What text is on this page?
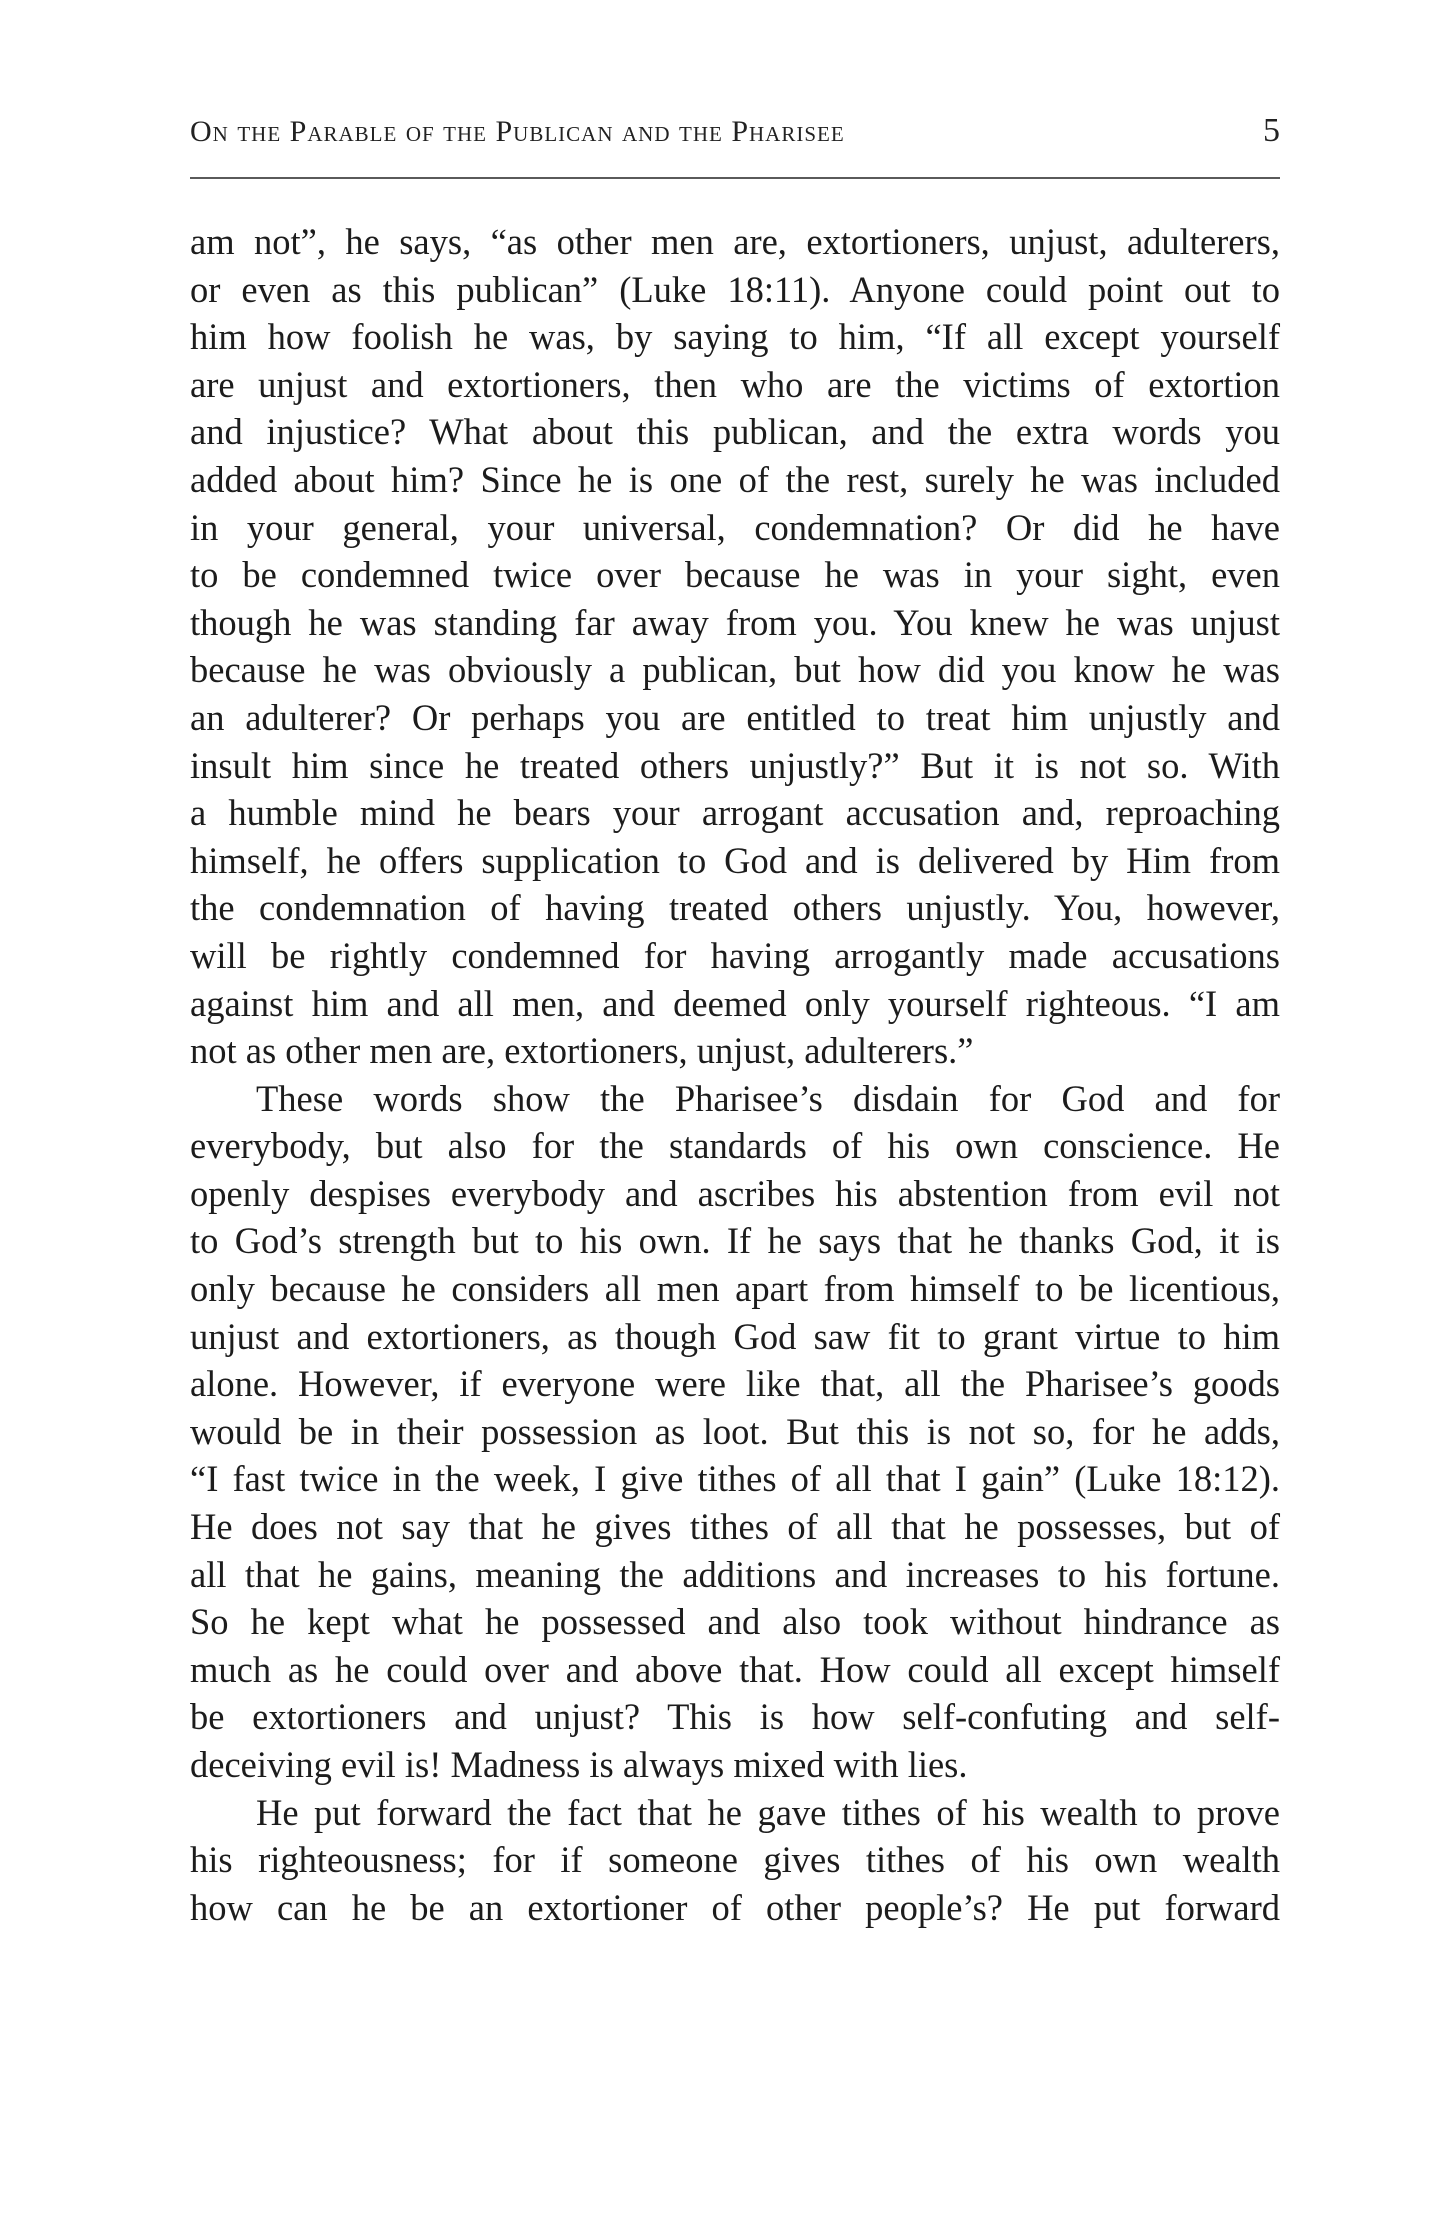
On the Parable of the Publican and the Pharisee	5

am not”, he says, “as other men are, extortioners, unjust, adulterers,
or even as this publican” (Luke 18:11). Anyone could point out to
him how foolish he was, by saying to him, “If all except yourself
are unjust and extortioners, then who are the victims of extortion
and injustice? What about this publican, and the extra words you
added about him? Since he is one of the rest, surely he was included
in your general, your universal, condemnation? Or did he have
to be condemned twice over because he was in your sight, even
though he was standing far away from you. You knew he was unjust
because he was obviously a publican, but how did you know he was
an adulterer? Or perhaps you are entitled to treat him unjustly and
insult him since he treated others unjustly?” But it is not so. With
a humble mind he bears your arrogant accusation and, reproaching
himself, he offers supplication to God and is delivered by Him from
the condemnation of having treated others unjustly. You, however,
will be rightly condemned for having arrogantly made accusations
against him and all men, and deemed only yourself righteous. “I am
not as other men are, extortioners, unjust, adulterers.”

These words show the Pharisee’s disdain for God and for
everybody, but also for the standards of his own conscience. He
openly despises everybody and ascribes his abstention from evil not
to God’s strength but to his own. If he says that he thanks God, it is
only because he considers all men apart from himself to be licentious,
unjust and extortioners, as though God saw fit to grant virtue to him
alone. However, if everyone were like that, all the Pharisee’s goods
would be in their possession as loot. But this is not so, for he adds,
“I fast twice in the week, I give tithes of all that I gain” (Luke 18:12).
He does not say that he gives tithes of all that he possesses, but of
all that he gains, meaning the additions and increases to his fortune.
So he kept what he possessed and also took without hindrance as
much as he could over and above that. How could all except himself
be extortioners and unjust? This is how self-confuting and self-
deceiving evil is! Madness is always mixed with lies.

He put forward the fact that he gave tithes of his wealth to prove
his righteousness; for if someone gives tithes of his own wealth
how can he be an extortioner of other people’s? He put forward
